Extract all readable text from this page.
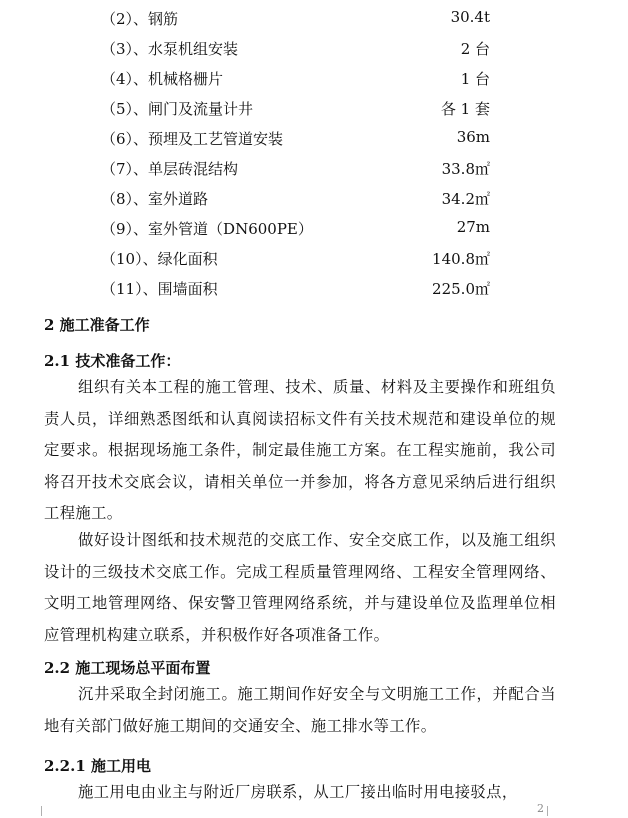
（2）、钢筋	30.4t
（3）、水泵机组安装	2 台
（4）、机械格栅片	1 台
（5）、闸门及流量计井	各 1 套
（6）、预埋及工艺管道安装	36m
（7）、单层砖混结构	33.8㎡
（8）、室外道路	34.2㎡
（9）、室外管道（DN600PE）	27m
（10）、绿化面积	140.8㎡
（11）、围墙面积	225.0㎡
2 施工准备工作
2.1 技术准备工作：
组织有关本工程的施工管理、技术、质量、材料及主要操作和班组负责人员，详细熟悉图纸和认真阅读招标文件有关技术规范和建设单位的规定要求。根据现场施工条件，制定最佳施工方案。在工程实施前，我公司将召开技术交底会议，请相关单位一并参加，将各方意见采纳后进行组织工程施工。
做好设计图纸和技术规范的交底工作、安全交底工作，以及施工组织设计的三级技术交底工作。完成工程质量管理网络、工程安全管理网络、文明工地管理网络、保安警卫管理网络系统，并与建设单位及监理单位相应管理机构建立联系，并积极作好各项准备工作。
2.2 施工现场总平面布置
沉井采取全封闭施工。施工期间作好安全与文明施工工作，并配合当地有关部门做好施工期间的交通安全、施工排水等工作。
2.2.1 施工用电
施工用电由业主与附近厂房联系，从工厂接出临时用电接驳点，
2
